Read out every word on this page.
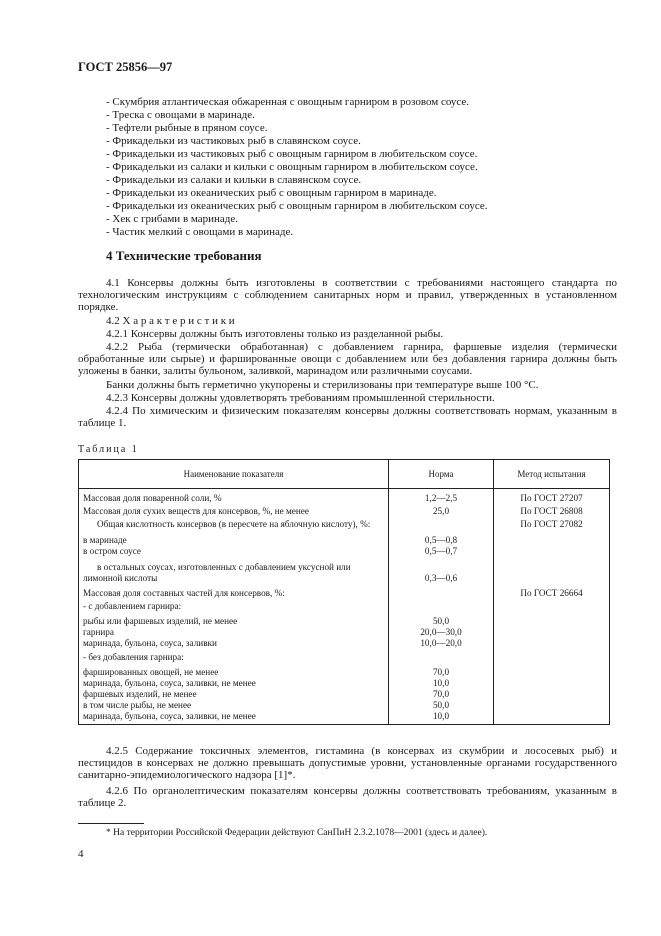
ГОСТ 25856—97
- Скумбрия атлантическая обжаренная с овощным гарниром в розовом соусе.
- Треска с овощами в маринаде.
- Тефтели рыбные в пряном соусе.
- Фрикадельки из частиковых рыб в славянском соусе.
- Фрикадельки из частиковых рыб с овощным гарниром в любительском соусе.
- Фрикадельки из салаки и кильки с овощным гарниром в любительском соусе.
- Фрикадельки из салаки и кильки в славянском соусе.
- Фрикадельки из океанических рыб с овощным гарниром в маринаде.
- Фрикадельки из океанических рыб с овощным гарниром в любительском соусе.
- Хек с грибами в маринаде.
- Частик мелкий с овощами в маринаде.
4 Технические требования
4.1 Консервы должны быть изготовлены в соответствии с требованиями настоящего стандарта по технологическим инструкциям с соблюдением санитарных норм и правил, утвержденных в установленном порядке.
4.2 Х а р а к т е р и с т и к и
4.2.1 Консервы должны быть изготовлены только из разделанной рыбы.
4.2.2 Рыба (термически обработанная) с добавлением гарнира, фаршевые изделия (термически обработанные или сырые) и фаршированные овощи с добавлением или без добавления гарнира должны быть уложены в банки, залиты бульоном, заливкой, маринадом или различными соусами.
Банки должны быть герметично укупорены и стерилизованы при температуре выше 100 °С.
4.2.3 Консервы должны удовлетворять требованиям промышленной стерильности.
4.2.4 По химическим и физическим показателям консервы должны соответствовать нормам, указанным в таблице 1.
Таблица 1
Наименование показателя	Норма	Метод испытания
Массовая доля поваренной соли, %	1,2—2,5	По ГОСТ 27207
Массовая доля сухих веществ для консервов, %, не менее	25,0	По ГОСТ 26808
Общая кислотность консервов (в пересчете на яблочную кислоту), %:		По ГОСТ 27082
в маринаде	0,5—0,8	
в остром соусе	0,5—0,7	
в остальных соусах, изготовленных с добавлением уксусной или лимонной кислоты	0,3—0,6	
Массовая доля составных частей для консервов, %:		По ГОСТ 26664
- с добавлением гарнира:		
рыбы или фаршевых изделий, не менее	50,0	
гарнира	20,0—30,0	
маринада, бульона, соуса, заливки	10,0—20,0	
- без добавления гарнира:		
фаршированных овощей, не менее	70,0	
маринада, бульона, соуса, заливки, не менее	10,0	
фаршевых изделий, не менее	70,0	
в том числе рыбы, не менее	50,0	
маринада, бульона, соуса, заливки, не менее	10,0	
4.2.5 Содержание токсичных элементов, гистамина (в консервах из скумбрии и лососевых рыб) и пестицидов в консервах не должно превышать допустимые уровни, установленные органами государственного санитарно-эпидемиологического надзора [1]*.
4.2.6 По органолептическим показателям консервы должны соответствовать требованиям, указанным в таблице 2.
* На территории Российской Федерации действуют СанПиН 2.3.2.1078—2001 (здесь и далее).
4
